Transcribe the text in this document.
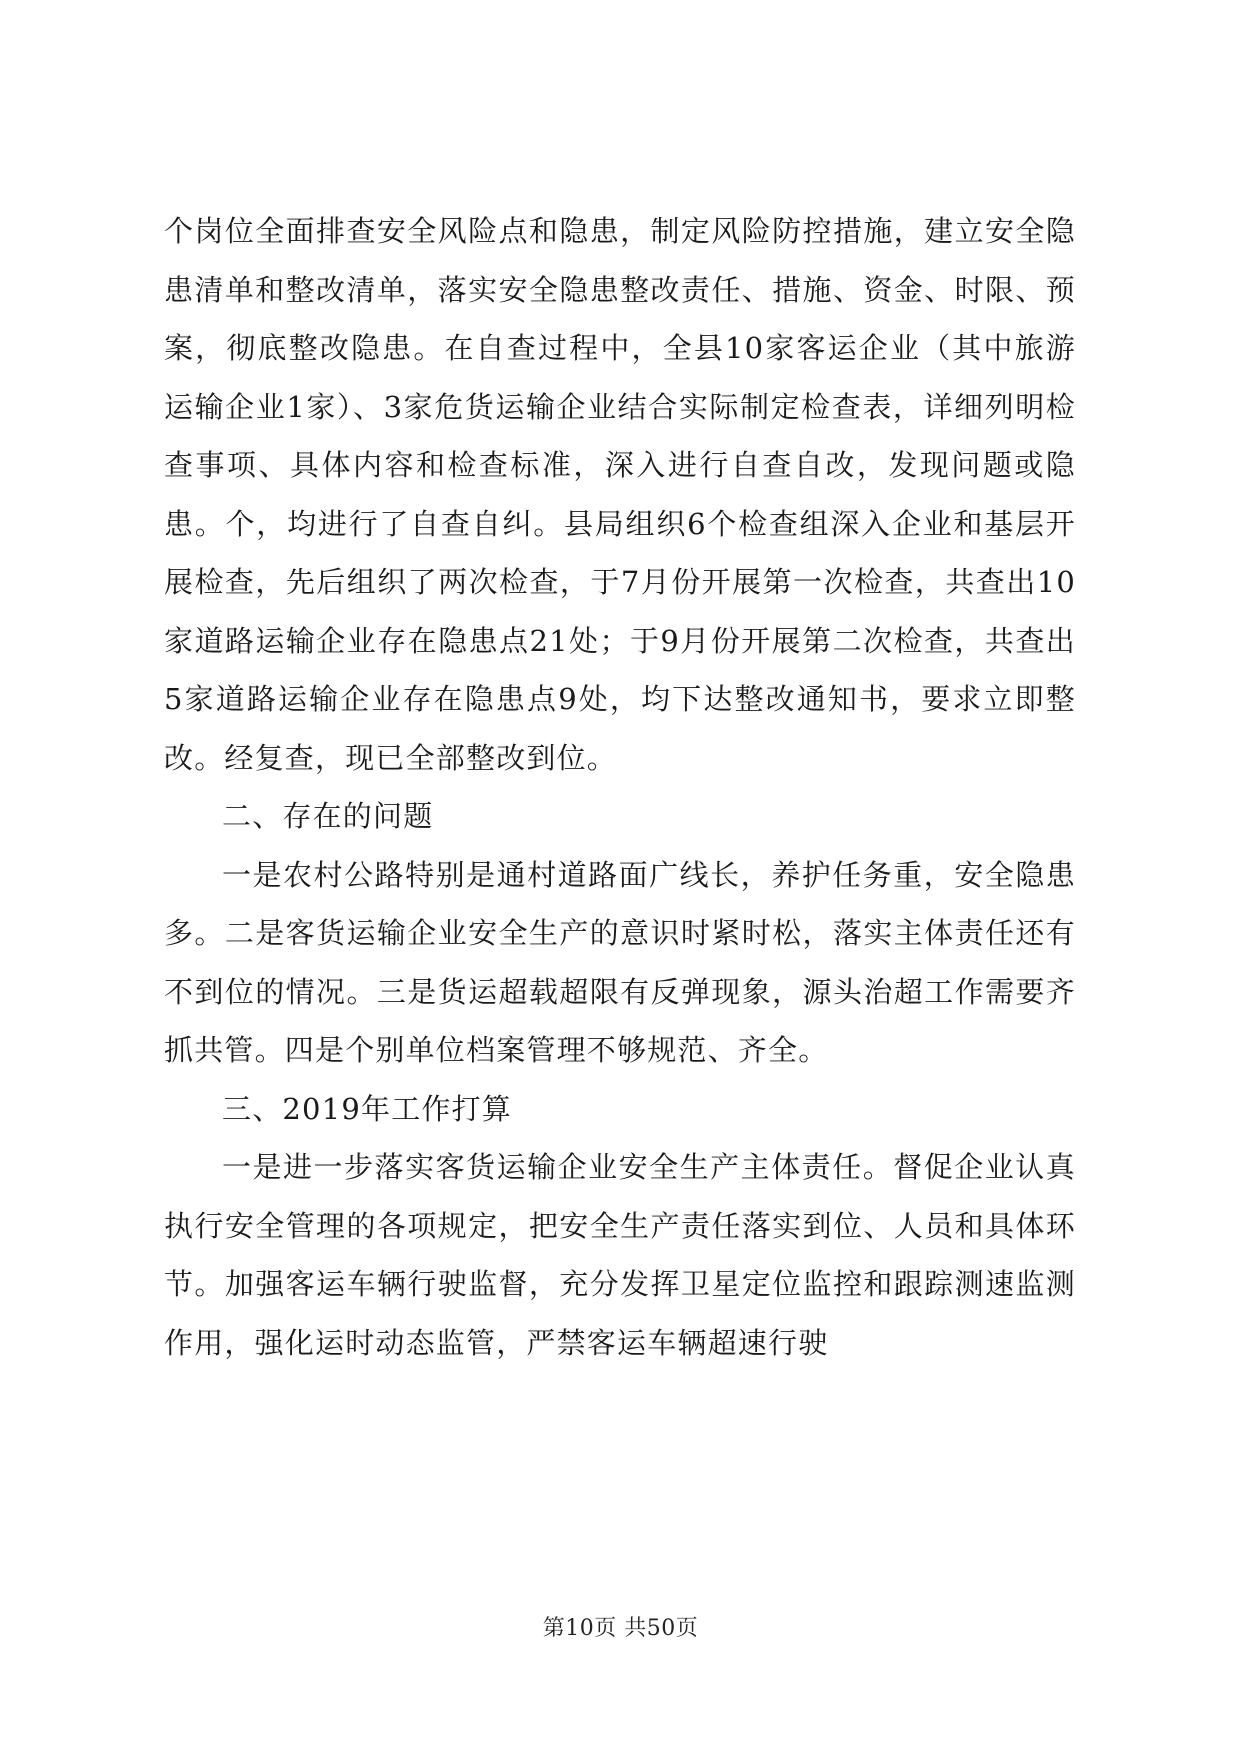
个岗位全面排查安全风险点和隐患，制定风险防控措施，建立安全隐患清单和整改清单，落实安全隐患整改责任、措施、资金、时限、预案，彻底整改隐患。在自查过程中，全县10家客运企业（其中旅游运输企业1家）、3家危货运输企业结合实际制定检查表，详细列明检查事项、具体内容和检查标准，深入进行自查自改，发现问题或隐患。个，均进行了自查自纠。县局组织6个检查组深入企业和基层开展检查，先后组织了两次检查，于7月份开展第一次检查，共查出10家道路运输企业存在隐患点21处；于9月份开展第二次检查，共查出5家道路运输企业存在隐患点9处，均下达整改通知书，要求立即整改。经复查，现已全部整改到位。

二、存在的问题

一是农村公路特别是通村道路面广线长，养护任务重，安全隐患多。二是客货运输企业安全生产的意识时紧时松，落实主体责任还有不到位的情况。三是货运超载超限有反弹现象，源头治超工作需要齐抓共管。四是个别单位档案管理不够规范、齐全。

三、2019年工作打算

一是进一步落实客货运输企业安全生产主体责任。督促企业认真执行安全管理的各项规定，把安全生产责任落实到位、人员和具体环节。加强客运车辆行驶监督，充分发挥卫星定位监控和跟踪测速监测作用，强化运时动态监管，严禁客运车辆超速行驶

第10页 共50页
